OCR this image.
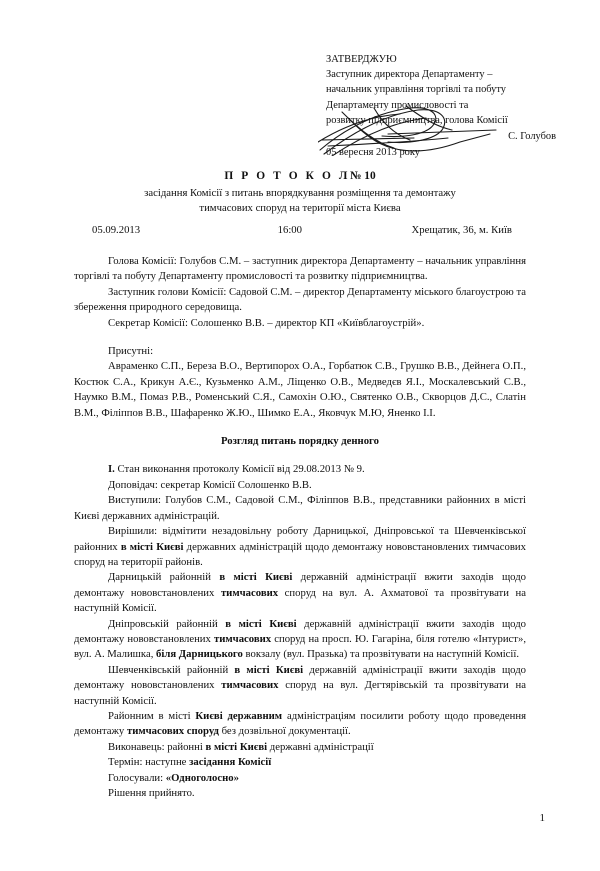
ЗАТВЕРДЖУЮ
Заступник директора Департаменту –
начальник управління торгівлі та побуту
Департаменту промисловості та
розвитку підприємництва, голова Комісії
С. Голубов
05 вересня 2013 року
П Р О Т О К О Л№ 10
засідання Комісії з питань впорядкування розміщення та демонтажу
тимчасових споруд на території міста Києва
05.09.2013	16:00	Хрещатик, 36, м. Київ

Голова Комісії: Голубов С.М. – заступник директора Департаменту – начальник управління торгівлі та побуту Департаменту промисловості та розвитку підприємництва.

Заступник голови Комісії: Садовой С.М. – директор Департаменту міського благоустрою та збереження природного середовища.

Секретар Комісії: Солошенко В.В. – директор КП «Київблагоустрій».

Присутні:

Авраменко С.П., Береза В.О., Вертипорох О.А., Горбатюк С.В., Грушко В.В., Дейнега О.П., Костюк С.А., Крикун А.Є., Кузьменко А.М., Ліщенко О.В., Медведєв Я.І., Москалевський С.В., Наумко В.М., Помаз Р.В., Роменський С.Я., Самохін О.Ю., Святенко О.В., Скворцов Д.С., Слатін В.М., Філіппов В.В., Шафаренко Ж.Ю., Шимко Е.А., Яковчук М.Ю, Яненко І.І.

Розгляд питань порядку денного

I. Стан виконання протоколу Комісії від 29.08.2013 № 9.

Доповідач: секретар Комісії Солошенко В.В.

Виступили: Голубов С.М., Садовой С.М., Філіппов В.В., представники районних в місті Києві державних адміністрацій.

Вирішили: відмітити незадовільну роботу Дарницької, Дніпровської та Шевченківської районних в місті Києві державних адміністрацій щодо демонтажу нововстановлених тимчасових споруд на території районів.

Дарницькій районній в місті Києві державній адміністрації вжити заходів щодо демонтажу нововстановлених тимчасових споруд на вул. А. Ахматової та прозвітувати на наступній Комісії.

Дніпровській районній в місті Києві державній адміністрації вжити заходів щодо демонтажу нововстановлених тимчасових споруд на просп. Ю. Гагаріна, біля готелю «Інтурист», вул. А. Малишка, біля Дарницького вокзалу (вул. Празька) та прозвітувати на наступній Комісії.

Шевченківській районній в місті Києві державній адміністрації вжити заходів щодо демонтажу нововстановлених тимчасових споруд на вул. Дегтярівській та прозвітувати на наступній Комісії.

Районним в місті Києві державним адміністраціям посилити роботу щодо проведення демонтажу тимчасових споруд без дозвільної документації.

Виконавець: районні в місті Києві державні адміністрації

Термін: наступне засідання Комісії

Голосували: «Одноголосно»

Рішення прийнято.

1
